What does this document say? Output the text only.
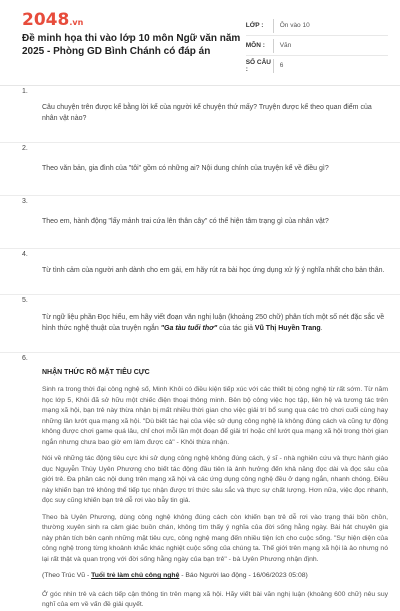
2048.vn
Đề minh họa thi vào lớp 10 môn Ngữ văn năm 2025 - Phòng GD Bình Chánh có đáp án
LỚP :	Ôn vào 10
MÔN :	Văn
SỐ CÂU :	6
1.
Câu chuyện trên được kể bằng lời kể của người kể chuyện thứ mấy? Truyện được kể theo quan điểm của nhân vật nào?
2.
Theo văn bản, gia đình của "tôi" gồm có những ai? Nội dung chính của truyện kể về điều gì?
3.
Theo em, hành động "lấy mảnh trai cứa lên thân cây" có thể hiện tâm trạng gì của nhân vật?
4.
Từ tình cảm của người anh dành cho em gái, em hãy rút ra bài học ứng dụng xử lý ý nghĩa nhất cho bản thân.
5.
Từ ngữ liệu phần Đọc hiểu, em hãy viết đoạn văn nghị luận (khoảng 250 chữ) phân tích một số nét đặc sắc về hình thức nghệ thuật của truyện ngắn "Ga tàu tuổi thơ" của tác giả Vũ Thị Huyền Trang.
6.
NHẬN THỨC RÕ MẶT TIÊU CỰC

Sinh ra trong thời đại công nghệ số, Minh Khôi có điều kiện tiếp xúc với các thiết bị công nghệ từ rất sớm. Từ năm học lớp 5, Khôi đã sở hữu một chiếc điện thoại thông minh. Bên bộ công việc học tập, liên hệ và tương tác trên mạng xã hội, bạn trẻ này thừa nhận bị mất nhiều thời gian cho việc giải trí bổ sung qua các trò chơi cuối cùng hay những lần lướt qua mạng xã hội. "Dù biết tác hại của việc sử dụng công nghệ là không đúng cách và cũng tự động không được chơi game quá lâu, chỉ chơi mỗi lần một đoạn để giải trí hoặc chỉ lướt qua mạng xã hội trong thời gian ngắn nhưng chưa bao giờ em làm được cả" - Khôi thừa nhận.

Nói về những tác động tiêu cực khi sử dụng công nghệ không đúng cách, ý sĩ - nhà nghiên cứu và thực hành giáo dục Nguyễn Thùy Uyên Phương cho biết tác động đầu tiên là ảnh hưởng đến khả năng đọc dài và đọc sâu của giới trẻ. Đa phần các nội dung trên mạng xã hội và các ứng dụng công nghệ đều ở dạng ngắn, nhanh chóng. Điều này khiến bạn trẻ không thể tiếp tục nhận được trí thức sâu sắc và thực sự chất lượng. Hơn nữa, việc đọc nhanh, đọc suy cũng khiến bạn trẻ dễ rơi vào bẫy tin giả.

Theo bà Uyên Phương, dùng công nghệ không đúng cách còn khiến bạn trẻ dễ rơi vào trạng thái bồn chồn, thường xuyên sinh ra cảm giác buồn chán, không tìm thấy ý nghĩa của đời sống hằng ngày. Bài hát chuyên gia này phân tích bên cạnh những mặt tiêu cực, công nghệ mang đến nhiều tiện ích cho cuộc sống. "Sự hiện diện của công nghệ trong từng khoảnh khắc khác nghiệt cuộc sống của chúng ta. Thế giới trên mạng xã hội là ảo nhưng nó lại rất thật và quan trọng với đời sống hằng ngày của bạn trẻ" - bà Uyên Phương nhận định.

(Theo Trúc Vũ - Tuổi trẻ làm chủ công nghệ - Báo Người lao động - 16/06/2023 05:08)

Ở góc nhìn trẻ và cách tiếp cận thông tin trên mạng xã hội. Hãy viết bài văn nghị luận (khoảng 600 chữ) nêu suy nghĩ của em về vấn đề giải quyết.
